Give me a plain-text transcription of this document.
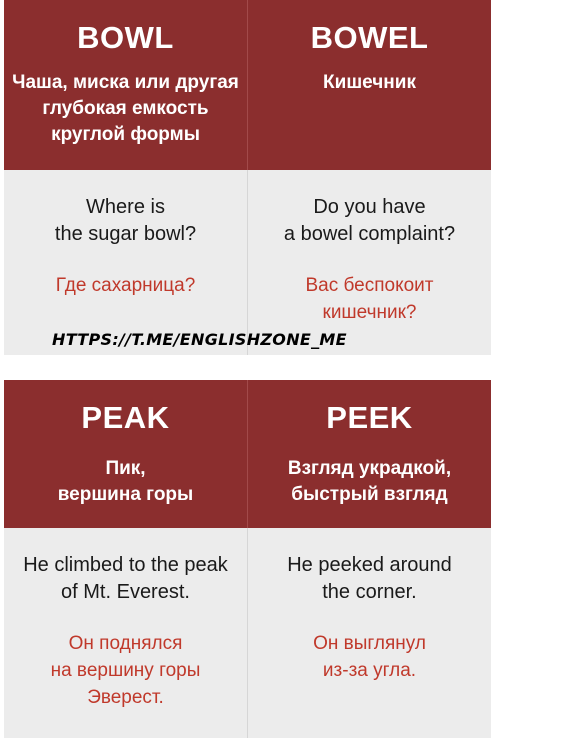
BOWL
Чаша, миска или другая
глубокая емкость
круглой формы
Where is
the sugar bowl?
Где сахарница?
BOWEL
Кишечник
Do you have
a bowel complaint?
Вас беспокоит
кишечник?
HTTPS://T.ME/ENGLISHZONE_ME
PEAK
Пик,
вершина горы
He climbed to the peak
of Mt. Everest.
Он поднялся
на вершину горы
Эверест.
PEEK
Взгляд украдкой,
быстрый взгляд
He peeked around
the corner.
Он выглянул
из-за угла.
